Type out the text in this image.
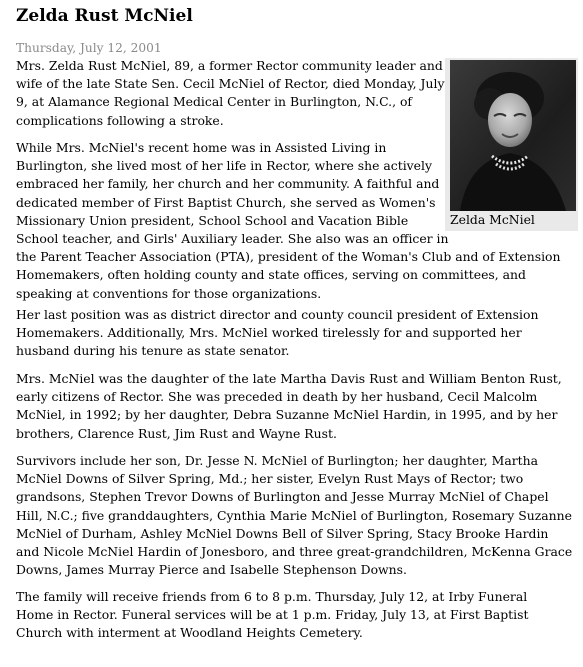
Zelda Rust McNiel
Thursday, July 12, 2001
Zelda McNiel
Mrs. Zelda Rust McNiel, 89, a former Rector community leader and
wife of the late State Sen. Cecil McNiel of Rector, died Monday, July
9, at Alamance Regional Medical Center in Burlington, N.C., of
complications following a stroke.
While Mrs. McNiel's recent home was in Assisted Living in
Burlington, she lived most of her life in Rector, where she actively
embraced her family, her church and her community. A faithful and
dedicated member of First Baptist Church, she served as Women's
Missionary Union president, School School and Vacation Bible
School teacher, and Girls' Auxiliary leader. She also was an officer in
the Parent Teacher Association (PTA), president of the Woman's Club and of Extension
Homemakers, often holding county and state offices, serving on committees, and
speaking at conventions for those organizations.
Her last position was as district director and county council president of Extension
Homemakers. Additionally, Mrs. McNiel worked tirelessly for and supported her
husband during his tenure as state senator.
Mrs. McNiel was the daughter of the late Martha Davis Rust and William Benton Rust,
early citizens of Rector. She was preceded in death by her husband, Cecil Malcolm
McNiel, in 1992; by her daughter, Debra Suzanne McNiel Hardin, in 1995, and by her
brothers, Clarence Rust, Jim Rust and Wayne Rust.
Survivors include her son, Dr. Jesse N. McNiel of Burlington; her daughter, Martha
McNiel Downs of Silver Spring, Md.; her sister, Evelyn Rust Mays of Rector; two
grandsons, Stephen Trevor Downs of Burlington and Jesse Murray McNiel of Chapel
Hill, N.C.; five granddaughters, Cynthia Marie McNiel of Burlington, Rosemary Suzanne
McNiel of Durham, Ashley McNiel Downs Bell of Silver Spring, Stacy Brooke Hardin
and Nicole McNiel Hardin of Jonesboro, and three great-grandchildren, McKenna Grace
Downs, James Murray Pierce and Isabelle Stephenson Downs.
The family will receive friends from 6 to 8 p.m. Thursday, July 12, at Irby Funeral
Home in Rector. Funeral services will be at 1 p.m. Friday, July 13, at First Baptist
Church with interment at Woodland Heights Cemetery.
